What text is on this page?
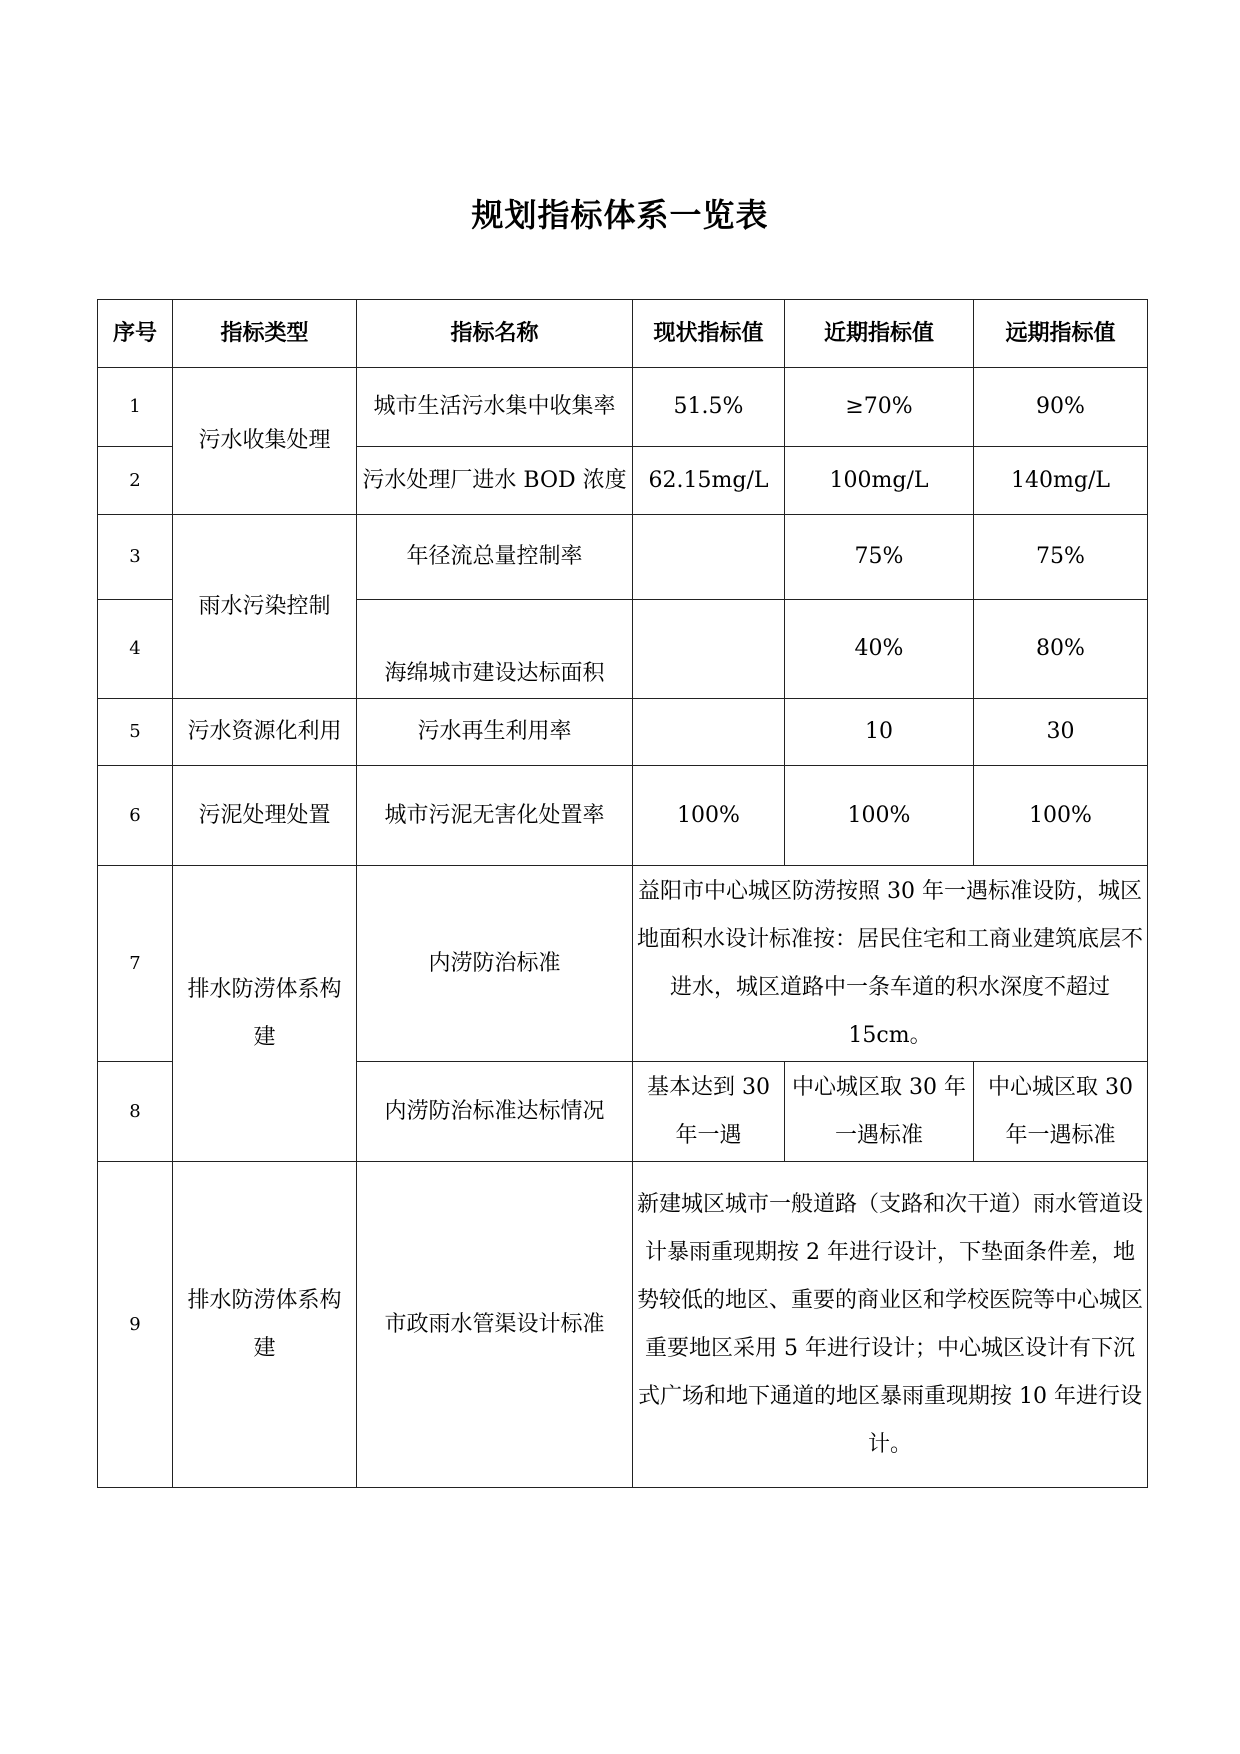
规划指标体系一览表
序号	指标类型	指标名称	现状指标值	近期指标值	远期指标值
1	污水收集处理	城市生活污水集中收集率	51.5%	≥70%	90%
2		污水处理厂进水 BOD 浓度	62.15mg/L	100mg/L	140mg/L
3	雨水污染控制	年径流总量控制率		75%	75%
4		海绵城市建设达标面积		40%	80%
5	污水资源化利用	污水再生利用率		10	30
6	污泥处理处置	城市污泥无害化处置率	100%	100%	100%
7	排水防涝体系构建	内涝防治标准	益阳市中心城区防涝按照 30 年一遇标准设防，城区地面积水设计标准按：居民住宅和工商业建筑底层不进水，城区道路中一条车道的积水深度不超过 15cm。		
8		内涝防治标准达标情况	基本达到 30 年一遇	中心城区取 30 年一遇标准	中心城区取 30 年一遇标准
9	排水防涝体系构建	市政雨水管渠设计标准	新建城区城市一般道路（支路和次干道）雨水管道设计暴雨重现期按 2 年进行设计，下垫面条件差，地势较低的地区、重要的商业区和学校医院等中心城区重要地区采用 5 年进行设计；中心城区设计有下沉式广场和地下通道的地区暴雨重现期按 10 年进行设计。		
